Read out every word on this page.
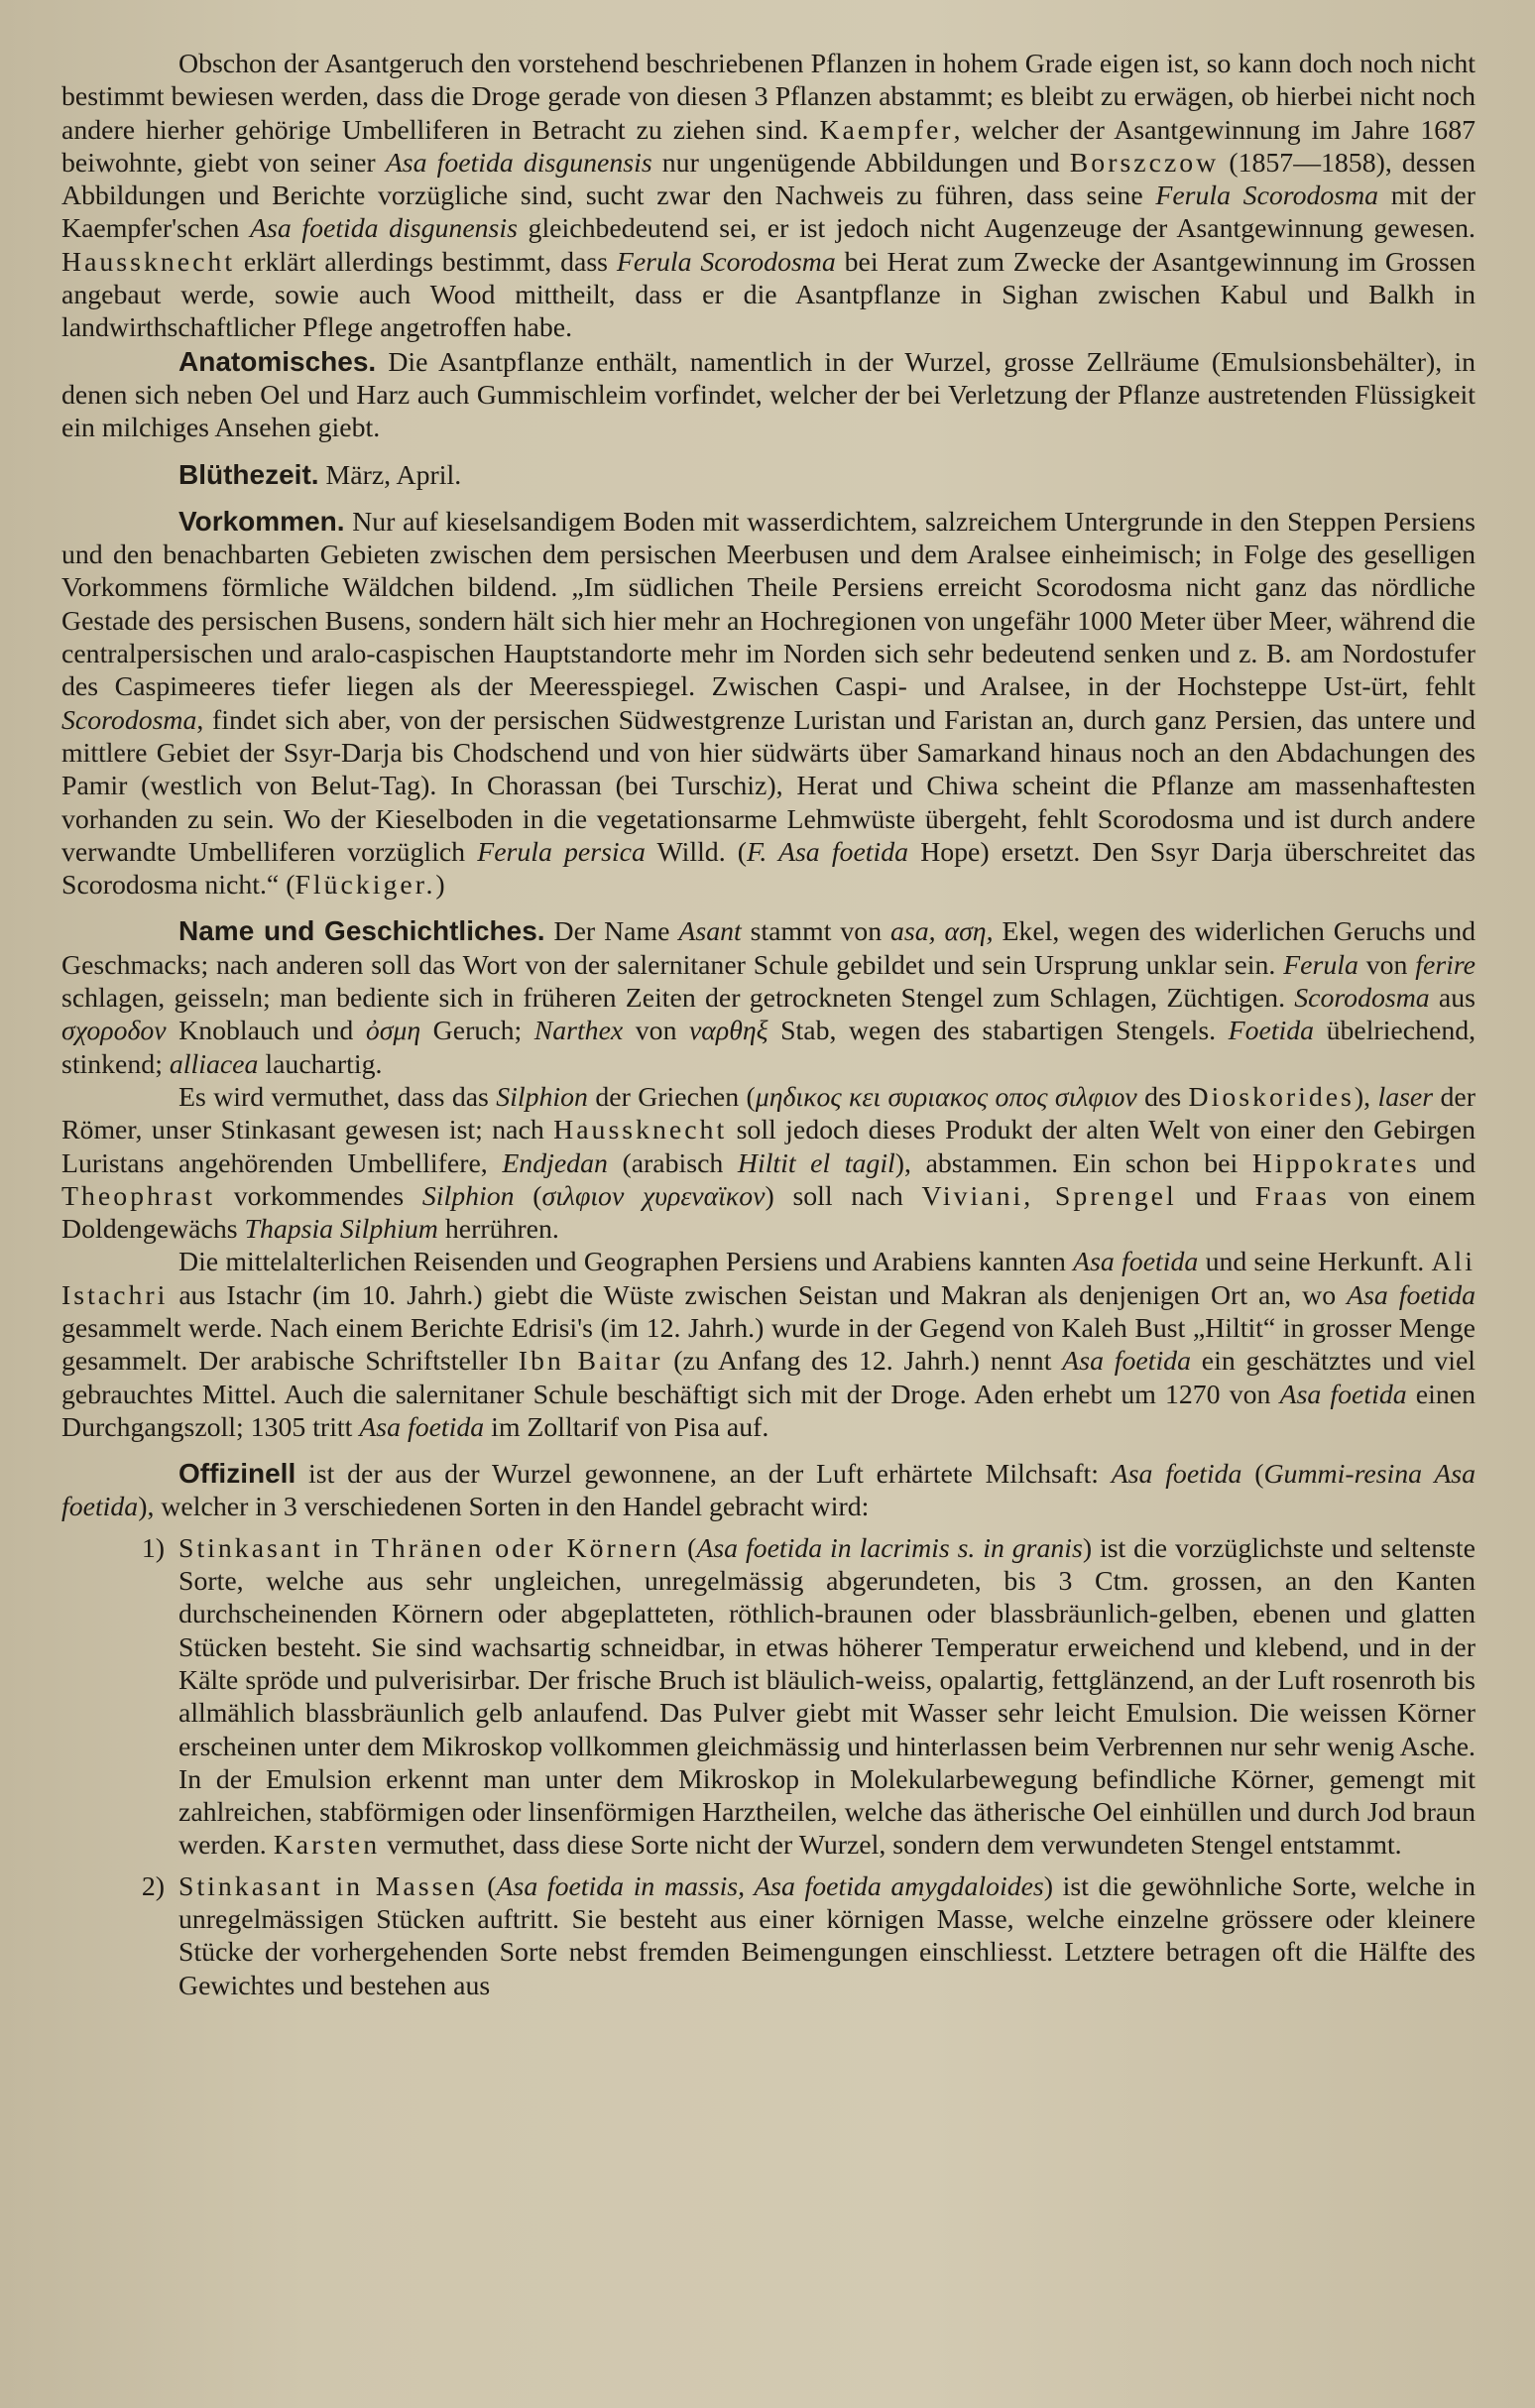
Obschon der Asantgeruch den vorstehend beschriebenen Pflanzen in hohem Grade eigen ist, so kann doch noch nicht bestimmt bewiesen werden, dass die Droge gerade von diesen 3 Pflanzen abstammt; es bleibt zu erwägen, ob hierbei nicht noch andere hierher gehörige Umbelliferen in Betracht zu ziehen sind. Kaempfer, welcher der Asantgewinnung im Jahre 1687 beiwohnte, giebt von seiner Asa foetida disgunensis nur ungenügende Abbildungen und Borszczow (1857—1858), dessen Abbildungen und Berichte vorzügliche sind, sucht zwar den Nachweis zu führen, dass seine Ferula Scorodosma mit der Kaempfer'schen Asa foetida disgunensis gleichbedeutend sei, er ist jedoch nicht Augenzeuge der Asantgewinnung gewesen. Haussknecht erklärt allerdings bestimmt, dass Ferula Scorodosma bei Herat zum Zwecke der Asantgewinnung im Grossen angebaut werde, sowie auch Wood mittheilt, dass er die Asantpflanze in Sighan zwischen Kabul und Balkh in landwirthschaftlicher Pflege angetroffen habe.

Anatomisches. Die Asantpflanze enthält, namentlich in der Wurzel, grosse Zellräume (Emulsionsbehälter), in denen sich neben Oel und Harz auch Gummischleim vorfindet, welcher der bei Verletzung der Pflanze austretenden Flüssigkeit ein milchiges Ansehen giebt.

Blüthezeit. März, April.

Vorkommen. Nur auf kieselsandigem Boden mit wasserdichtem, salzreichem Untergrunde in den Steppen Persiens und den benachbarten Gebieten zwischen dem persischen Meerbusen und dem Aralsee einheimisch; in Folge des geselligen Vorkommens förmliche Wäldchen bildend. „Im südlichen Theile Persiens erreicht Scorodosma nicht ganz das nördliche Gestade des persischen Busens, sondern hält sich hier mehr an Hochregionen von ungefähr 1000 Meter über Meer, während die centralpersischen und aralo-caspischen Hauptstandorte mehr im Norden sich sehr bedeutend senken und z. B. am Nordostufer des Caspimeeres tiefer liegen als der Meeresspiegel. Zwischen Caspi- und Aralsee, in der Hochsteppe Ust-ürt, fehlt Scorodosma, findet sich aber, von der persischen Südwestgrenze Luristan und Faristan an, durch ganz Persien, das untere und mittlere Gebiet der Ssyr-Darja bis Chodschend und von hier südwärts über Samarkand hinaus noch an den Abdachungen des Pamir (westlich von Belut-Tag). In Chorassan (bei Turschiz), Herat und Chiwa scheint die Pflanze am massenhaftesten vorhanden zu sein. Wo der Kieselboden in die vegetationsarme Lehmwüste übergeht, fehlt Scorodosma und ist durch andere verwandte Umbelliferen vorzüglich Ferula persica Willd. (F. Asa foetida Hope) ersetzt. Den Ssyr Darja überschreitet das Scorodosma nicht.“ (Flückiger.)

Name und Geschichtliches. Der Name Asant stammt von asa, αση, Ekel, wegen des widerlichen Geruchs und Geschmacks; nach anderen soll das Wort von der salernitaner Schule gebildet und sein Ursprung unklar sein. Ferula von ferire schlagen, geisseln; man bediente sich in früheren Zeiten der getrockneten Stengel zum Schlagen, Züchtigen. Scorodosma aus σχοροδον Knoblauch und ὀσμη Geruch; Narthex von ναρθηξ Stab, wegen des stabartigen Stengels. Foetida übelriechend, stinkend; alliacea lauchartig.

Es wird vermuthet, dass das Silphion der Griechen (μηδικος κει συριακος οπος σιλφιον des Dioskorides), laser der Römer, unser Stinkasant gewesen ist; nach Haussknecht soll jedoch dieses Produkt der alten Welt von einer den Gebirgen Luristans angehörenden Umbellifere, Endjedan (arabisch Hiltit el tagil), abstammen. Ein schon bei Hippokrates und Theophrast vorkommendes Silphion (σιλφιον χυρεναϊκον) soll nach Viviani, Sprengel und Fraas von einem Doldengewächs Thapsia Silphium herrühren.

Die mittelalterlichen Reisenden und Geographen Persiens und Arabiens kannten Asa foetida und seine Herkunft. Ali Istachri aus Istachr (im 10. Jahrh.) giebt die Wüste zwischen Seistan und Makran als denjenigen Ort an, wo Asa foetida gesammelt werde. Nach einem Berichte Edrisi's (im 12. Jahrh.) wurde in der Gegend von Kaleh Bust „Hiltit“ in grosser Menge gesammelt. Der arabische Schriftsteller Ibn Baitar (zu Anfang des 12. Jahrh.) nennt Asa foetida ein geschätztes und viel gebrauchtes Mittel. Auch die salernitaner Schule beschäftigt sich mit der Droge. Aden erhebt um 1270 von Asa foetida einen Durchgangszoll; 1305 tritt Asa foetida im Zolltarif von Pisa auf.

Offizinell ist der aus der Wurzel gewonnene, an der Luft erhärtete Milchsaft: Asa foetida (Gummi-resina Asa foetida), welcher in 3 verschiedenen Sorten in den Handel gebracht wird:

1) Stinkasant in Thränen oder Körnern (Asa foetida in lacrimis s. in granis) ist die vorzüglichste und seltenste Sorte, welche aus sehr ungleichen, unregelmässig abgerundeten, bis 3 Ctm. grossen, an den Kanten durchscheinenden Körnern oder abgeplatteten, röthlich-braunen oder blassbräunlich-gelben, ebenen und glatten Stücken besteht. Sie sind wachsartig schneidbar, in etwas höherer Temperatur erweichend und klebend, und in der Kälte spröde und pulverisirbar. Der frische Bruch ist bläulich-weiss, opalartig, fettglänzend, an der Luft rosenroth bis allmählich blassbräunlich gelb anlaufend. Das Pulver giebt mit Wasser sehr leicht Emulsion. Die weissen Körner erscheinen unter dem Mikroskop vollkommen gleichmässig und hinterlassen beim Verbrennen nur sehr wenig Asche. In der Emulsion erkennt man unter dem Mikroskop in Molekularbewegung befindliche Körner, gemengt mit zahlreichen, stabförmigen oder linsenförmigen Harztheilen, welche das ätherische Oel einhüllen und durch Jod braun werden. Karsten vermuthet, dass diese Sorte nicht der Wurzel, sondern dem verwundeten Stengel entstammt.

2) Stinkasant in Massen (Asa foetida in massis, Asa foetida amygdaloides) ist die gewöhnliche Sorte, welche in unregelmässigen Stücken auftritt. Sie besteht aus einer körnigen Masse, welche einzelne grössere oder kleinere Stücke der vorhergehenden Sorte nebst fremden Beimengungen einschliesst. Letztere betragen oft die Hälfte des Gewichtes und bestehen aus
